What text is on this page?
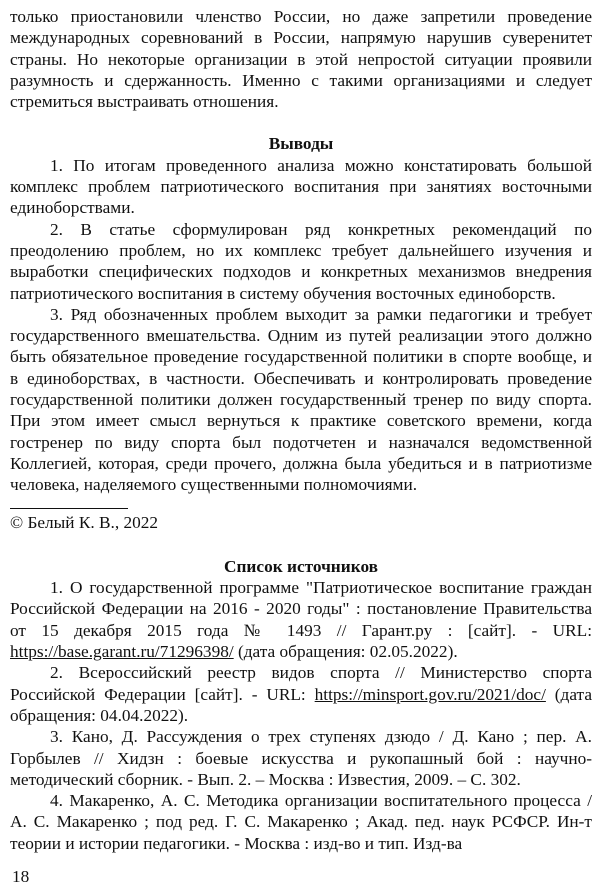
только приостановили членство России, но даже запретили проведение международных соревнований в России, напрямую нарушив суверенитет страны. Но некоторые организации в этой непростой ситуации проявили разумность и сдержанность. Именно с такими организациями и следует стремиться выстраивать отношения.

Выводы

1. По итогам проведенного анализа можно констатировать большой комплекс проблем патриотического воспитания при занятиях восточными единоборствами.

2. В статье сформулирован ряд конкретных рекомендаций по преодолению проблем, но их комплекс требует дальнейшего изучения и выработки специфических подходов и конкретных механизмов внедрения патриотического воспитания в систему обучения восточных единоборств.

3. Ряд обозначенных проблем выходит за рамки педагогики и требует государственного вмешательства. Одним из путей реализации этого должно быть обязательное проведение государственной политики в спорте вообще, и в единоборствах, в частности. Обеспечивать и контролировать проведение государственной политики должен государственный тренер по виду спорта. При этом имеет смысл вернуться к практике советского времени, когда гостренер по виду спорта был подотчетен и назначался ведомственной Коллегией, которая, среди прочего, должна была убедиться и в патриотизме человека, наделяемого существенными полномочиями.

© Белый К. В., 2022
Список источников

1. О государственной программе "Патриотическое воспитание граждан Российской Федерации на 2016 - 2020 годы" : постановление Правительства от 15 декабря 2015 года № 1493 // Гарант.ру : [сайт]. - URL: https://base.garant.ru/71296398/ (дата обращения: 02.05.2022).

2. Всероссийский реестр видов спорта // Министерство спорта Российской Федерации [сайт]. - URL: https://minsport.gov.ru/2021/doc/ (дата обращения: 04.04.2022).

3. Кано, Д. Рассуждения о трех ступенях дзюдо / Д. Кано ; пер. А. Горбылев // Хидзн : боевые искусства и рукопашный бой : научно-методический сборник. - Вып. 2. – Москва : Известия, 2009. – С. 302.

4. Макаренко, А. С. Методика организации воспитательного процесса / А. С. Макаренко ; под ред. Г. С. Макаренко ; Акад. пед. наук РСФСР. Ин-т теории и истории педагогики. - Москва : изд-во и тип. Изд-ва

18
